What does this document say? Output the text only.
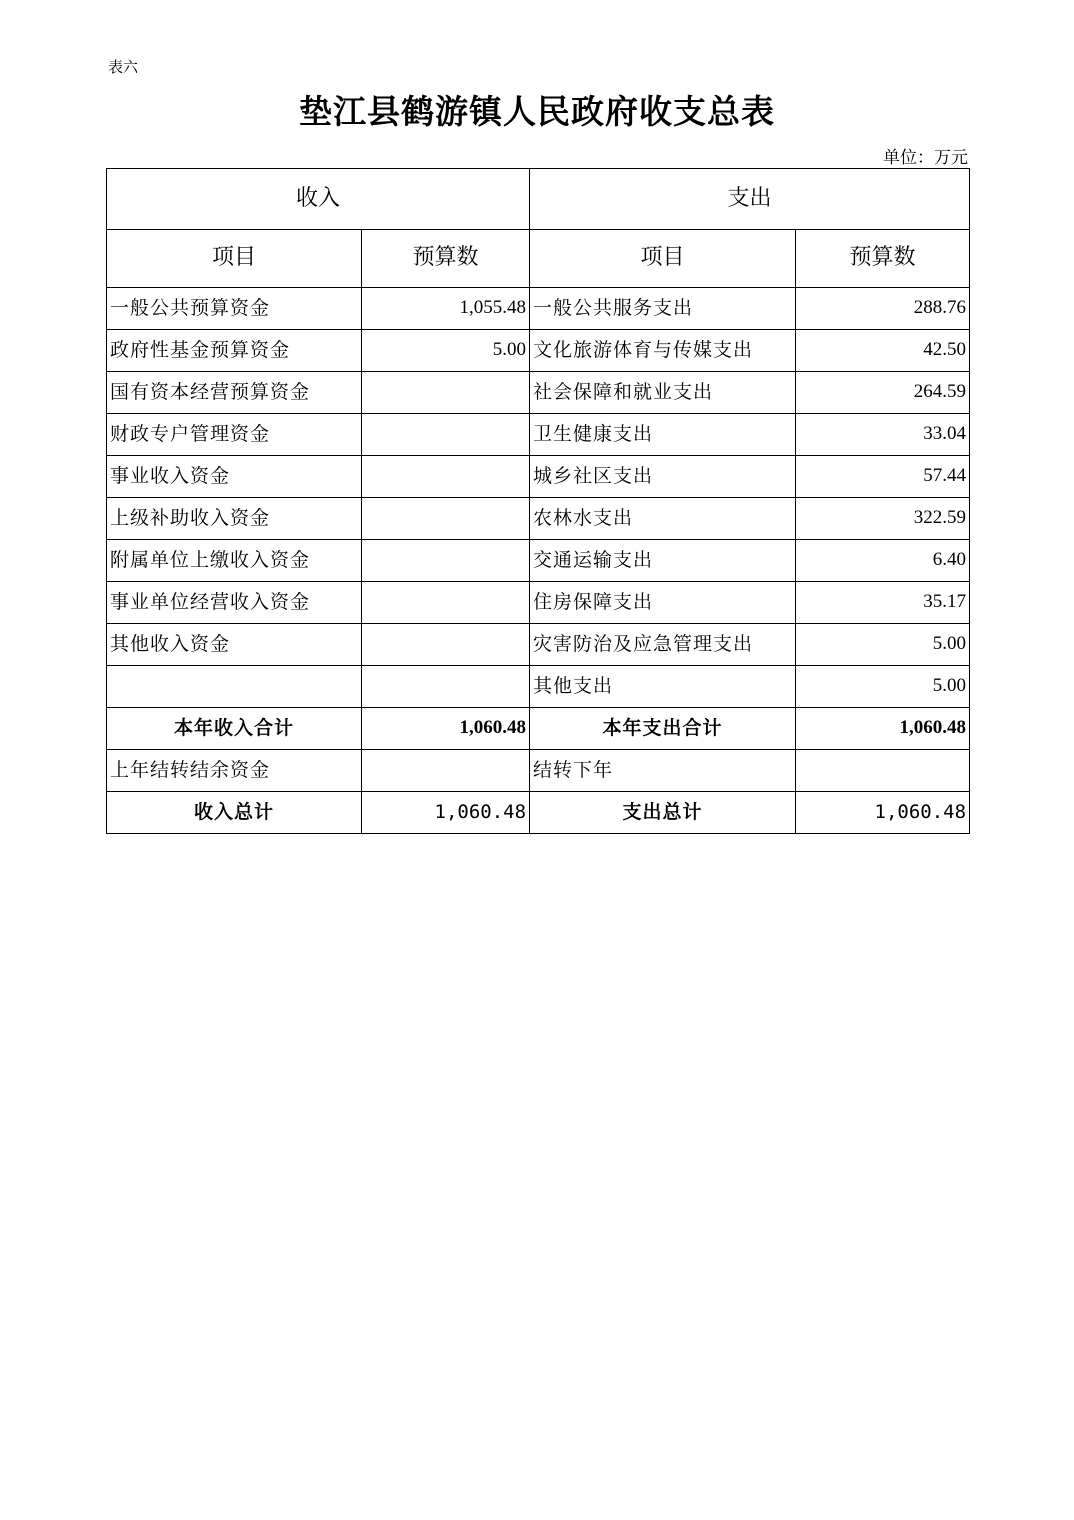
表六
垫江县鹤游镇人民政府收支总表
单位：万元
收入		支出	
项目	预算数	项目	预算数
一般公共预算资金	1,055.48	一般公共服务支出	288.76
政府性基金预算资金	5.00	文化旅游体育与传媒支出	42.50
国有资本经营预算资金		社会保障和就业支出	264.59
财政专户管理资金		卫生健康支出	33.04
事业收入资金		城乡社区支出	57.44
上级补助收入资金		农林水支出	322.59
附属单位上缴收入资金		交通运输支出	6.40
事业单位经营收入资金		住房保障支出	35.17
其他收入资金		灾害防治及应急管理支出	5.00
		其他支出	5.00
本年收入合计	1,060.48	本年支出合计	1,060.48
上年结转结余资金		结转下年	
收入总计	1,060.48	支出总计	1,060.48
